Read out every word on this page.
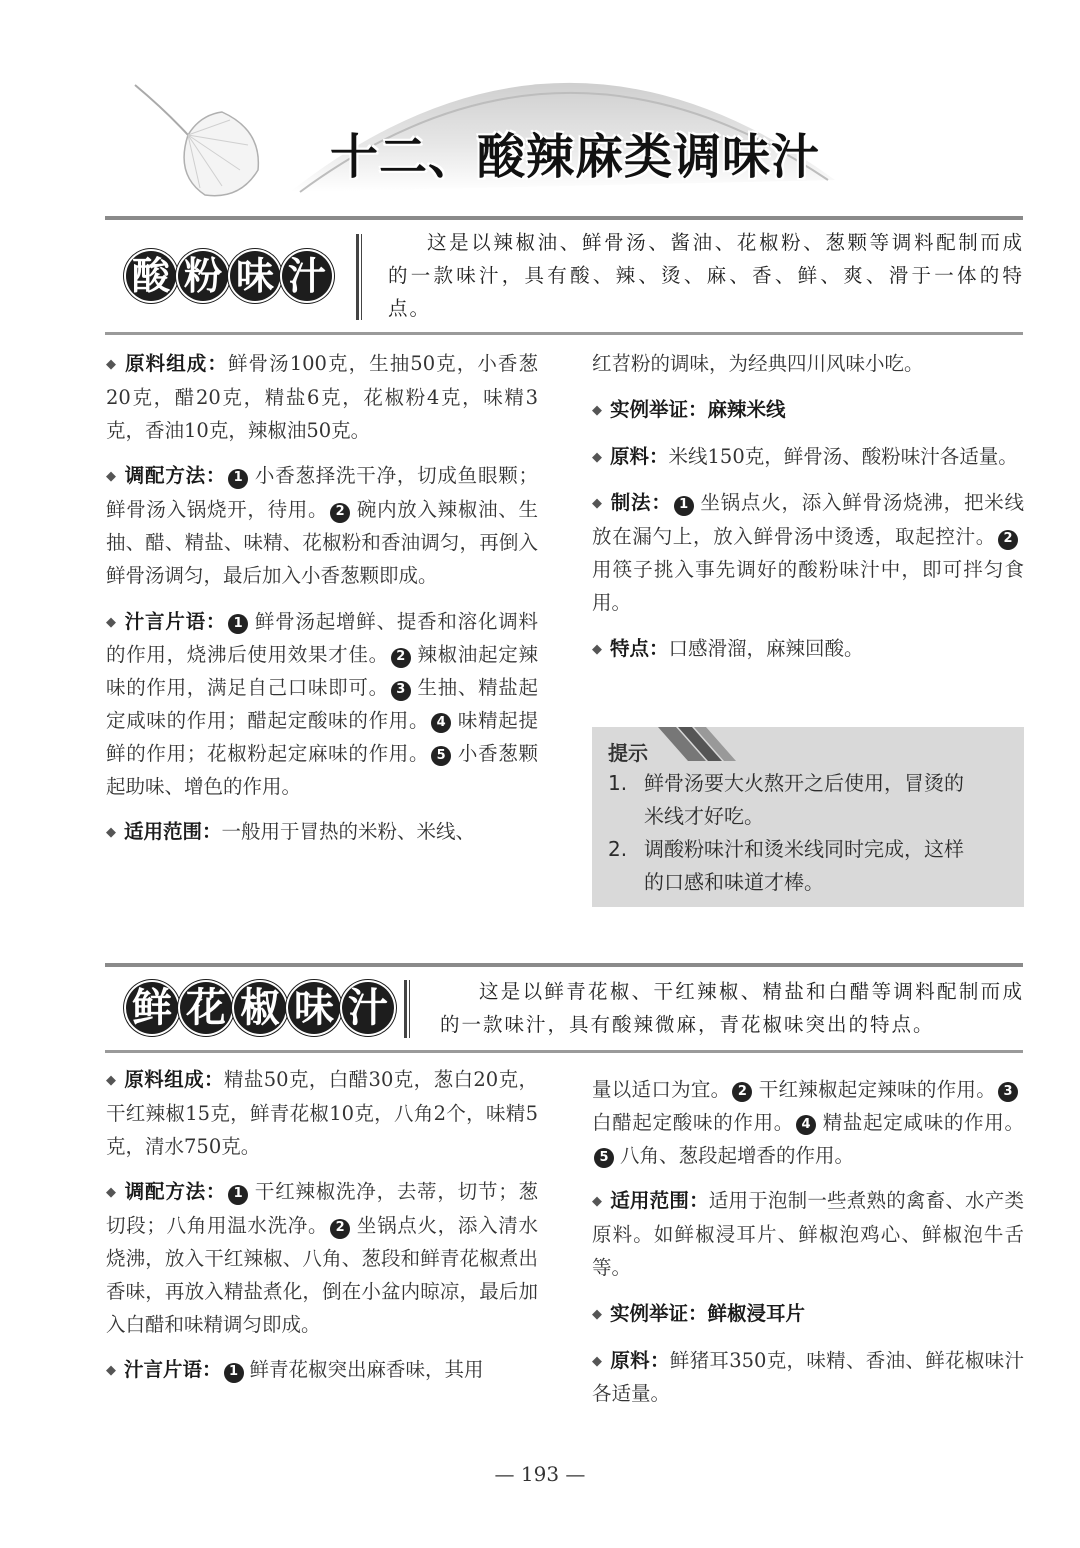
十二、酸辣麻类调味汁
酸 粉 味 汁
这是以辣椒油、鲜骨汤、酱油、花椒粉、葱颗等调料配制而成的一款味汁，具有酸、辣、烫、麻、香、鲜、爽、滑于一体的特点。

◆ 原料组成：鲜骨汤100克，生抽50克，小香葱20克，醋20克，精盐6克，花椒粉4克，味精3克，香油10克，辣椒油50克。

◆ 调配方法： 1 小香葱择洗干净，切成鱼眼颗；鲜骨汤入锅烧开，待用。 2 碗内放入辣椒油、生抽、醋、精盐、味精、花椒粉和香油调匀，再倒入鲜骨汤调匀，最后加入小香葱颗即成。

◆ 汁言片语： 1 鲜骨汤起增鲜、提香和溶化调料的作用，烧沸后使用效果才佳。 2 辣椒油起定辣味的作用，满足自己口味即可。 3 生抽、精盐起定咸味的作用；醋起定酸味的作用。 4 味精起提鲜的作用；花椒粉起定麻味的作用。 5 小香葱颗起助味、增色的作用。

◆ 适用范围：一般用于冒热的米粉、米线、

红苕粉的调味，为经典四川风味小吃。

◆ 实例举证：麻辣米线

◆ 原料：米线150克，鲜骨汤、酸粉味汁各适量。

◆ 制法： 1 坐锅点火，添入鲜骨汤烧沸，把米线放在漏勺上，放入鲜骨汤中烫透，取起控汁。 2用筷子挑入事先调好的酸粉味汁中，即可拌匀食用。

◆ 特点：口感滑溜，麻辣回酸。

提示
1. 鲜骨汤要大火熬开之后使用，冒烫的
米线才好吃。
2. 调酸粉味汁和烫米线同时完成，这样
的口感和味道才棒。
鲜 花 椒 味 汁	这是以鲜青花椒、干红辣椒、精盐和白醋等调料配制而成的一款味汁，具有酸辣微麻，青花椒味突出的特点。

◆ 原料组成：精盐50克，白醋30克，葱白20克，干红辣椒15克，鲜青花椒10克，八角2个，味精5克，清水750克。

◆ 调配方法： 1 干红辣椒洗净，去蒂，切节；葱切段；八角用温水洗净。 2 坐锅点火，添入清水烧沸，放入干红辣椒、八角、葱段和鲜青花椒煮出香味，再放入精盐煮化，倒在小盆内晾凉，最后加入白醋和味精调匀即成。

◆ 汁言片语： 1 鲜青花椒突出麻香味，其用

量以适口为宜。 2 干红辣椒起定辣味的作用。 3白醋起定酸味的作用。 4 精盐起定咸味的作用。5 八角、葱段起增香的作用。

◆ 适用范围：适用于泡制一些煮熟的禽畜、水产类原料。如鲜椒浸耳片、鲜椒泡鸡心、鲜椒泡牛舌等。

◆ 实例举证：鲜椒浸耳片

◆ 原料：鲜猪耳350克，味精、香油、鲜花椒味汁各适量。

— 193 —
